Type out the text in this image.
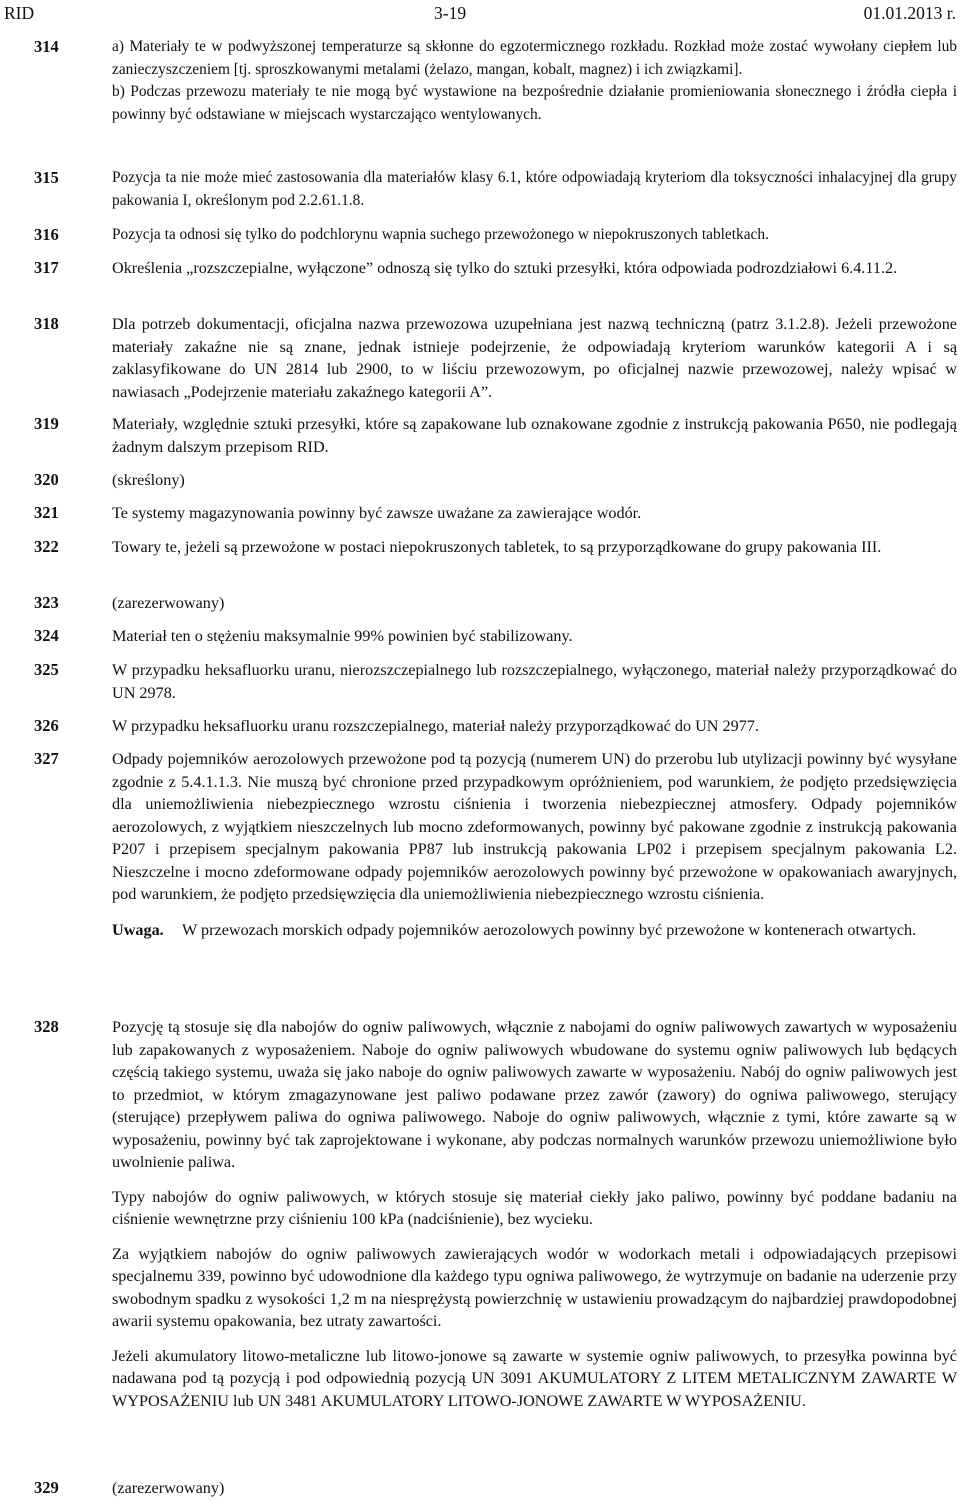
RID	3-19	01.01.2013 r.
314	a) Materiały te w podwyższonej temperaturze są skłonne do egzotermicznego rozkładu. Rozkład może zostać wywołany ciepłem lub zanieczyszczeniem [tj. sproszkowanymi metalami (żelazo, mangan, kobalt, magnez) i ich związkami].
b) Podczas przewozu materiały te nie mogą być wystawione na bezpośrednie działanie promieniowania słonecznego i źródła ciepła i powinny być odstawiane w miejscach wystarczająco wentylowanych.
315	Pozycja ta nie może mieć zastosowania dla materiałów klasy 6.1, które odpowiadają kryteriom dla toksyczności inhalacyjnej dla grupy pakowania I, określonym pod 2.2.61.1.8.
316	Pozycja ta odnosi się tylko do podchlorynu wapnia suchego przewożonego w niepokruszonych tabletkach.
317	Określenia „rozszczepialne, wyłączone” odnoszą się tylko do sztuki przesyłki, która odpowiada podrozdziałowi 6.4.11.2.
318	Dla potrzeb dokumentacji, oficjalna nazwa przewozowa uzupełniana jest nazwą techniczną (patrz 3.1.2.8). Jeżeli przewożone materiały zakaźne nie są znane, jednak istnieje podejrzenie, że odpowiadają kryteriom warunków kategorii A i są zaklasyfikowane do UN 2814 lub 2900, to w liściu przewozowym, po oficjalnej nazwie przewozowej, należy wpisać w nawiasach „Podejrzenie materiału zakaźnego kategorii A”.
319	Materiały, względnie sztuki przesyłki, które są zapakowane lub oznakowane zgodnie z instrukcją pakowania P650, nie podlegają żadnym dalszym przepisom RID.
320	(skreślony)
321	Te systemy magazynowania powinny być zawsze uważane za zawierające wodór.
322	Towary te, jeżeli są przewożone w postaci niepokruszonych tabletek, to są przyporządkowane do grupy pakowania III.
323	(zarezerwowany)
324	Materiał ten o stężeniu maksymalnie 99% powinien być stabilizowany.
325	W przypadku heksafluorku uranu, nierozszczepialnego lub rozszczepialnego, wyłączonego, materiał należy przyporządkować do UN 2978.
326	W przypadku heksafluorku uranu rozszczepialnego, materiał należy przyporządkować do UN 2977.
327	Odpady pojemników aerozolowych przewożone pod tą pozycją (numerem UN) do przerobu lub utylizacji powinny być wysyłane zgodnie z 5.4.1.1.3. Nie muszą być chronione przed przypadkowym opróżnieniem, pod warunkiem, że podjęto przedsięwzięcia dla uniemożliwienia niebezpiecznego wzrostu ciśnienia i tworzenia niebezpiecznej atmosfery. Odpady pojemników aerozolowych, z wyjątkiem nieszczelnych lub mocno zdeformowanych, powinny być pakowane zgodnie z instrukcją pakowania P207 i przepisem specjalnym pakowania PP87 lub instrukcją pakowania LP02 i przepisem specjalnym pakowania L2. Nieszczelne i mocno zdeformowane odpady pojemników aerozolowych powinny być przewożone w opakowaniach awaryjnych, pod warunkiem, że podjęto przedsięwzięcia dla uniemożliwienia niebezpiecznego wzrostu ciśnienia.
Uwaga.	W przewozach morskich odpady pojemników aerozolowych powinny być przewożone w kontenerach otwartych.
328	Pozycję tą stosuje się dla nabojów do ogniw paliwowych, włącznie z nabojami do ogniw paliwowych zawartych w wyposażeniu lub zapakowanych z wyposażeniem. Naboje do ogniw paliwowych wbudowane do systemu ogniw paliwowych lub będących częścią takiego systemu, uważa się jako naboje do ogniw paliwowych zawarte w wyposażeniu. Nabój do ogniw paliwowych jest to przedmiot, w którym zmagazynowane jest paliwo podawane przez zawór (zawory) do ogniwa paliwowego, sterujący (sterujące) przepływem paliwa do ogniwa paliwowego. Naboje do ogniw paliwowych, włącznie z tymi, które zawarte są w wyposażeniu, powinny być tak zaprojektowane i wykonane, aby podczas normalnych warunków przewozu uniemożliwione było uwolnienie paliwa.
Typy nabojów do ogniw paliwowych, w których stosuje się materiał ciekły jako paliwo, powinny być poddane badaniu na ciśnienie wewnętrzne przy ciśnieniu 100 kPa (nadciśnienie), bez wycieku.
Za wyjątkiem nabojów do ogniw paliwowych zawierających wodór w wodorkach metali i odpowiadających przepisowi specjalnemu 339, powinno być udowodnione dla każdego typu ogniwa paliwowego, że wytrzymuje on badanie na uderzenie przy swobodnym spadku z wysokości 1,2 m na niesprężystą powierzchnię w ustawieniu prowadzącym do najbardziej prawdopodobnej awarii systemu opakowania, bez utraty zawartości.
Jeżeli akumulatory litowo-metaliczne lub litowo-jonowe są zawarte w systemie ogniw paliwowych, to przesyłka powinna być nadawana pod tą pozycją i pod odpowiednią pozycją UN 3091 AKUMULATORY Z LITEM METALICZNYM ZAWARTE W WYPOSAŻENIU lub UN 3481 AKUMULATORY LITOWO-JONOWE ZAWARTE W WYPOSAŻENIU.
329	(zarezerwowany)
